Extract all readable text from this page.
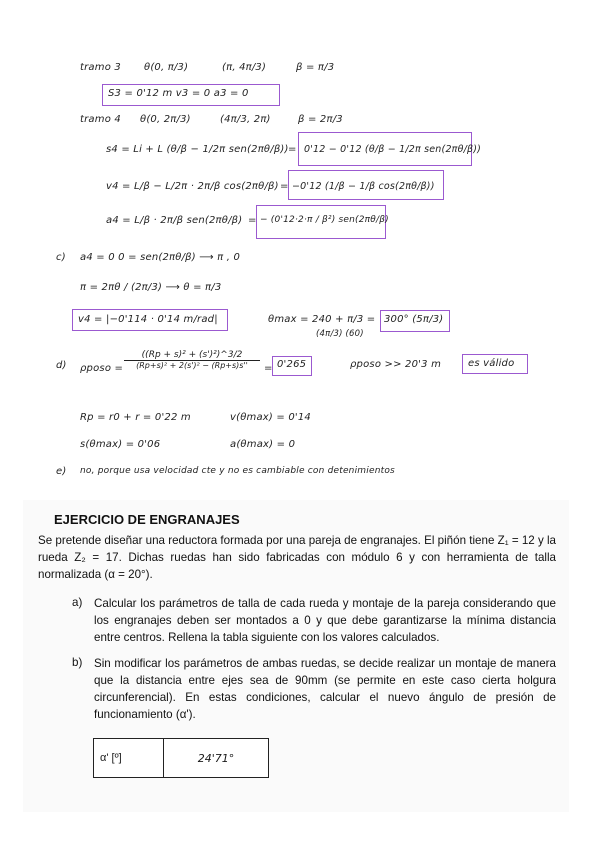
tramo 3 θ(0, π/3)	(π, 4π/3)	β = π/3
S3 = 0'12 m v3 = 0 a3 = 0
tramo 4 θ(0, 2π/3)	(4π/3, 2π)	β = 2π/3
s4 = Li + L (θ/β − 1/2π sen(2πθ/β)) = 0'12 − 0'12 (θ/β − 1/2π sen(2πθ/β))
v4 = L/β − L/2π · 2π/β cos(2πθ/β) = −0'12 (1/β − 1/β cos(2πθ/β))
a4 = L/β · 2π/β sen(2πθ/β) = − (0'12·2·π / β²) sen(2πθ/β)
c) a4 = 0 0 = sen(2πθ/β) ⟶ π , 0
π = 2πθ / (2π/3) ⟶ θ = π/3
v4 = |−0'114 · 0'14 m/rad|	θmax = 240 + π/3 =
(4π/3) (60)
300° (5π/3)
d) ρposo = $\frac{\text{((Rp + s)² + (s')²)\textasciicircum{}3/2}}{\text{(Rp+s)² + 2(s')² − (Rp+s)s''}} = 0'265$	ρposo >> 20'3 m	es válido
Rp = r0 + r = 0'22 m	v(θmax) = 0'14
s(θmax) = 0'06	a(θmax) = 0
e) no, porque usa velocidad cte y no es cambiable con detenimientos
EJERCICIO DE ENGRANAJES
Se pretende diseñar una reductora formada por una pareja de engranajes. El piñón tiene Z₁ = 12 y la rueda Z₂ = 17. Dichas ruedas han sido fabricadas con módulo 6 y con herramienta de talla normalizada (α = 20°).
a) Calcular los parámetros de talla de cada rueda y montaje de la pareja considerando que los engranajes deben ser montados a 0 y que debe garantizarse la mínima distancia entre centros. Rellena la tabla siguiente con los valores calculados.
b) Sin modificar los parámetros de ambas ruedas, se decide realizar un montaje de manera que la distancia entre ejes sea de 90mm (se permite en este caso cierta holgura circunferencial). En estas condiciones, calcular el nuevo ángulo de presión de funcionamiento (α').
α' [º]	24'71°
